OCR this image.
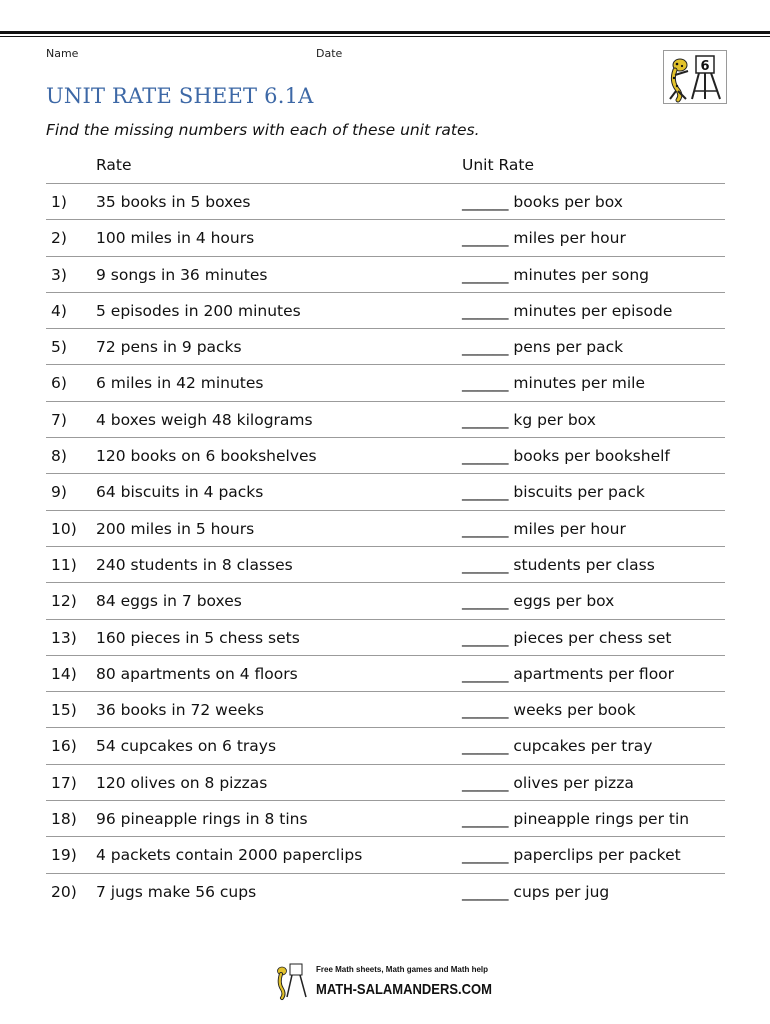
Name	Date
6
UNIT RATE SHEET 6.1A

Find the missing numbers with each of these unit rates.

Rate	Unit Rate
1) 35 books in 5 boxes	______ books per box
2) 100 miles in 4 hours	______ miles per hour
3) 9 songs in 36 minutes	______ minutes per song
4) 5 episodes in 200 minutes	______ minutes per episode
5) 72 pens in 9 packs	______ pens per pack
6) 6 miles in 42 minutes	______ minutes per mile
7) 4 boxes weigh 48 kilograms	______ kg per box
8) 120 books on 6 bookshelves	______ books per bookshelf
9) 64 biscuits in 4 packs	______ biscuits per pack
10) 200 miles in 5 hours	______ miles per hour
11) 240 students in 8 classes	______ students per class
12) 84 eggs in 7 boxes	______ eggs per box
13) 160 pieces in 5 chess sets	______ pieces per chess set
14) 80 apartments on 4 floors	______ apartments per floor
15) 36 books in 72 weeks	______ weeks per book
16) 54 cupcakes on 6 trays	______ cupcakes per tray
17) 120 olives on 8 pizzas	______ olives per pizza
18) 96 pineapple rings in 8 tins	______ pineapple rings per tin
19) 4 packets contain 2000 paperclips	______ paperclips per packet
20) 7 jugs make 56 cups	______ cups per jug
Free Math sheets, Math games and Math help
MATH-SALAMANDERS.COM
